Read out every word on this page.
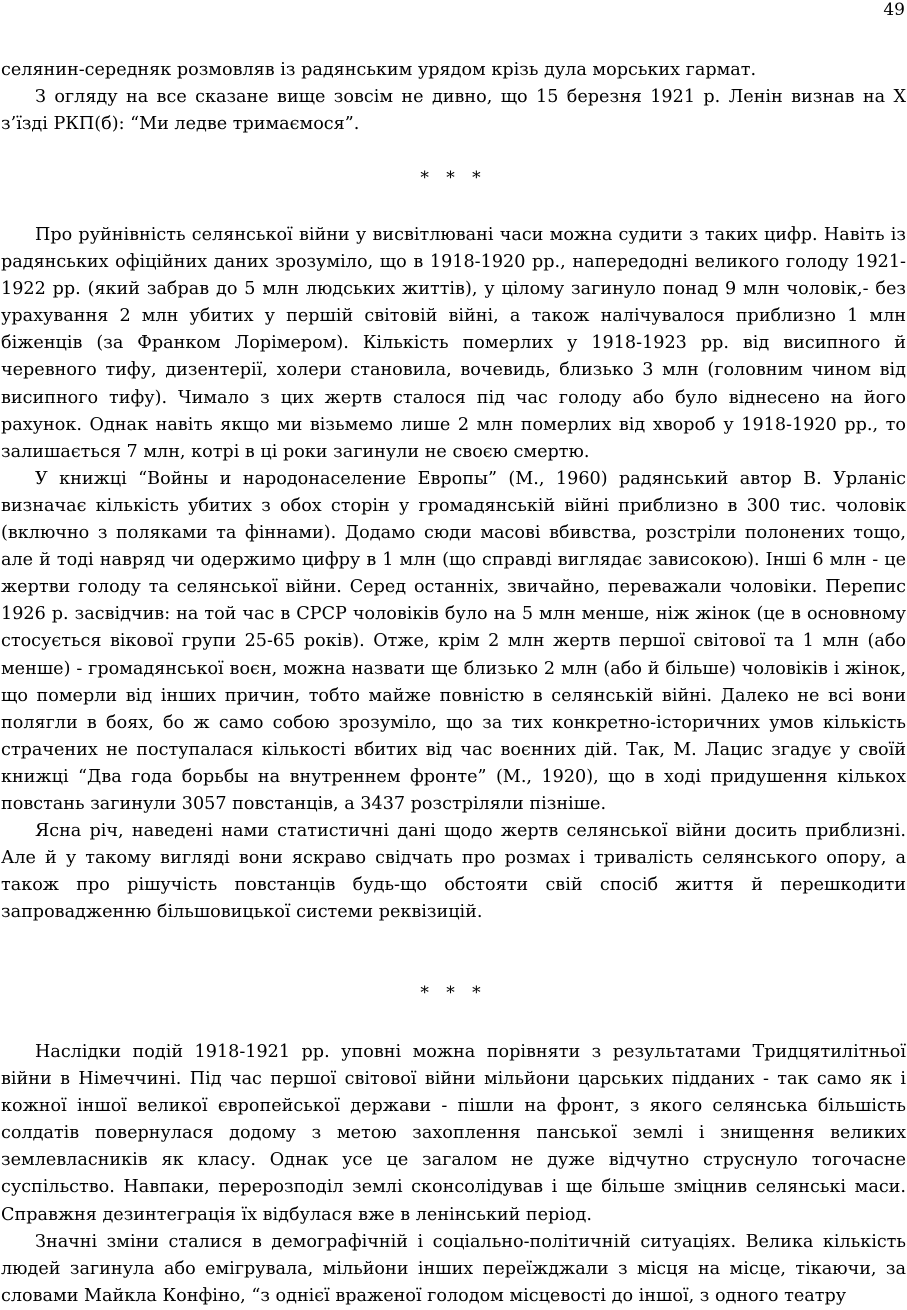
49

селянин-середняк розмовляв із радянським урядом крізь дула морських гармат.

З огляду на все сказане вище зовсім не дивно, що 15 березня 1921 р. Ленін визнав на X з’їзді РКП(б): “Ми ледве тримаємося”.

* * *

Про руйнівність селянської війни у висвітлювані часи можна судити з таких цифр. Навіть із радянських офіційних даних зрозуміло, що в 1918-1920 рр., напередодні великого голоду 1921-1922 рр. (який забрав до 5 млн людських життів), у цілому загинуло понад 9 млн чоловік,- без урахування 2 млн убитих у першій світовій війні, а також налічувалося приблизно 1 млн біженців (за Франком Лорімером). Кількість померлих у 1918-1923 рр. від висипного й черевного тифу, дизентерії, холери становила, вочевидь, близько 3 млн (головним чином від висипного тифу). Чимало з цих жертв сталося під час голоду або було віднесено на його рахунок. Однак навіть якщо ми візьмемо лише 2 млн померлих від хвороб у 1918-1920 рр., то залишається 7 млн, котрі в ці роки загинули не своєю смертю.

У книжці “Войны и народонаселение Европы” (М., 1960) радянський автор В. Урланіс визначає кількість убитих з обох сторін у громадянській війні приблизно в 300 тис. чоловік (включно з поляками та фіннами). Додамо сюди масові вбивства, розстріли полонених тощо, але й тоді навряд чи одержимо цифру в 1 млн (що справді виглядає зависокою). Інші 6 млн - це жертви голоду та селянської війни. Серед останніх, звичайно, переважали чоловіки. Перепис 1926 р. засвідчив: на той час в СРСР чоловіків було на 5 млн менше, ніж жінок (це в основному стосується вікової групи 25-65 років). Отже, крім 2 млн жертв першої світової та 1 млн (або менше) - громадянської воєн, можна назвати ще близько 2 млн (або й більше) чоловіків і жінок, що померли від інших причин, тобто майже повністю в селянській війні. Далеко не всі вони полягли в боях, бо ж само собою зрозуміло, що за тих конкретно-історичних умов кількість страчених не поступалася кількості вбитих від час воєнних дій. Так, М. Лацис згадує у своїй книжці “Два года борьбы на внутреннем фронте” (М., 1920), що в ході придушення кількох повстань загинули 3057 повстанців, а 3437 розстріляли пізніше.

Ясна річ, наведені нами статистичні дані щодо жертв селянської війни досить приблизні. Але й у такому вигляді вони яскраво свідчать про розмах і тривалість селянського опору, а також про рішучість повстанців будь-що обстояти свій спосіб життя й перешкодити запровадженню більшовицької системи реквізицій.

* * *

Наслідки подій 1918-1921 рр. уповні можна порівняти з результатами Тридцятилітньої війни в Німеччині. Під час першої світової війни мільйони царських підданих - так само як і кожної іншої великої європейської держави - пішли на фронт, з якого селянська більшість солдатів повернулася додому з метою захоплення панської землі і знищення великих землевласників як класу. Однак усе це загалом не дуже відчутно струснуло тогочасне суспільство. Навпаки, перерозподіл землі сконсолідував і ще більше зміцнив селянські маси. Справжня дезинтеграція їх відбулася вже в ленінський період.

Значні зміни сталися в демографічній і соціально-політичній ситуаціях. Велика кількість людей загинула або емігрувала, мільйони інших переїжджали з місця на місце, тікаючи, за словами Майкла Конфіно, “з однієї враженої голодом місцевості до іншої, з одного театру
